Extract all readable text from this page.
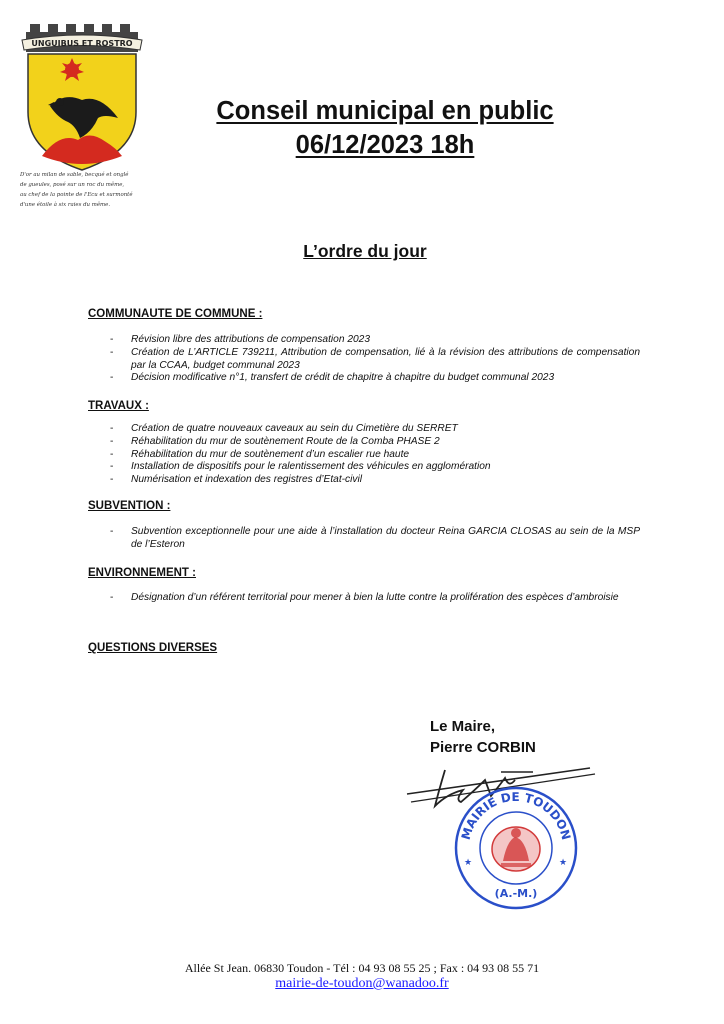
UNGUIBUS ET ROSTRO
D'or au milan de sable, becqué et onglé
de gueules, posé sur un roc du même,
au chef de la pointe de l'Ecu et surmonté
d'une étoile à six raies du même.
Conseil municipal en public
06/12/2023 18h
L’ordre du jour
COMMUNAUTE DE COMMUNE :
- Révision libre des attributions de compensation 2023
- Création de L’ARTICLE 739211, Attribution de compensation, lié à la révision des attributions de compensation par la CCAA, budget communal 2023
- Décision modificative n°1, transfert de crédit de chapitre à chapitre du budget communal 2023
TRAVAUX :
- Création de quatre nouveaux caveaux au sein du Cimetière du SERRET
- Réhabilitation du mur de soutènement Route de la Comba PHASE 2
- Réhabilitation du mur de soutènement d’un escalier rue haute
- Installation de dispositifs pour le ralentissement des véhicules en agglomération
- Numérisation et indexation des registres d’Etat-civil
SUBVENTION :
- Subvention exceptionnelle pour une aide à l’installation du docteur Reina GARCIA CLOSAS au sein de la MSP de l’Esteron
ENVIRONNEMENT :
- Désignation d’un référent territorial pour mener à bien la lutte contre la prolifération des espèces d’ambroisie
QUESTIONS DIVERSES
Le Maire,
Pierre CORBIN
MAIRIE DE TOUDON
(A.-M.)
★	★
Allée St Jean. 06830 Toudon - Tél : 04 93 08 55 25 ; Fax : 04 93 08 55 71
mairie-de-toudon@wanadoo.fr
